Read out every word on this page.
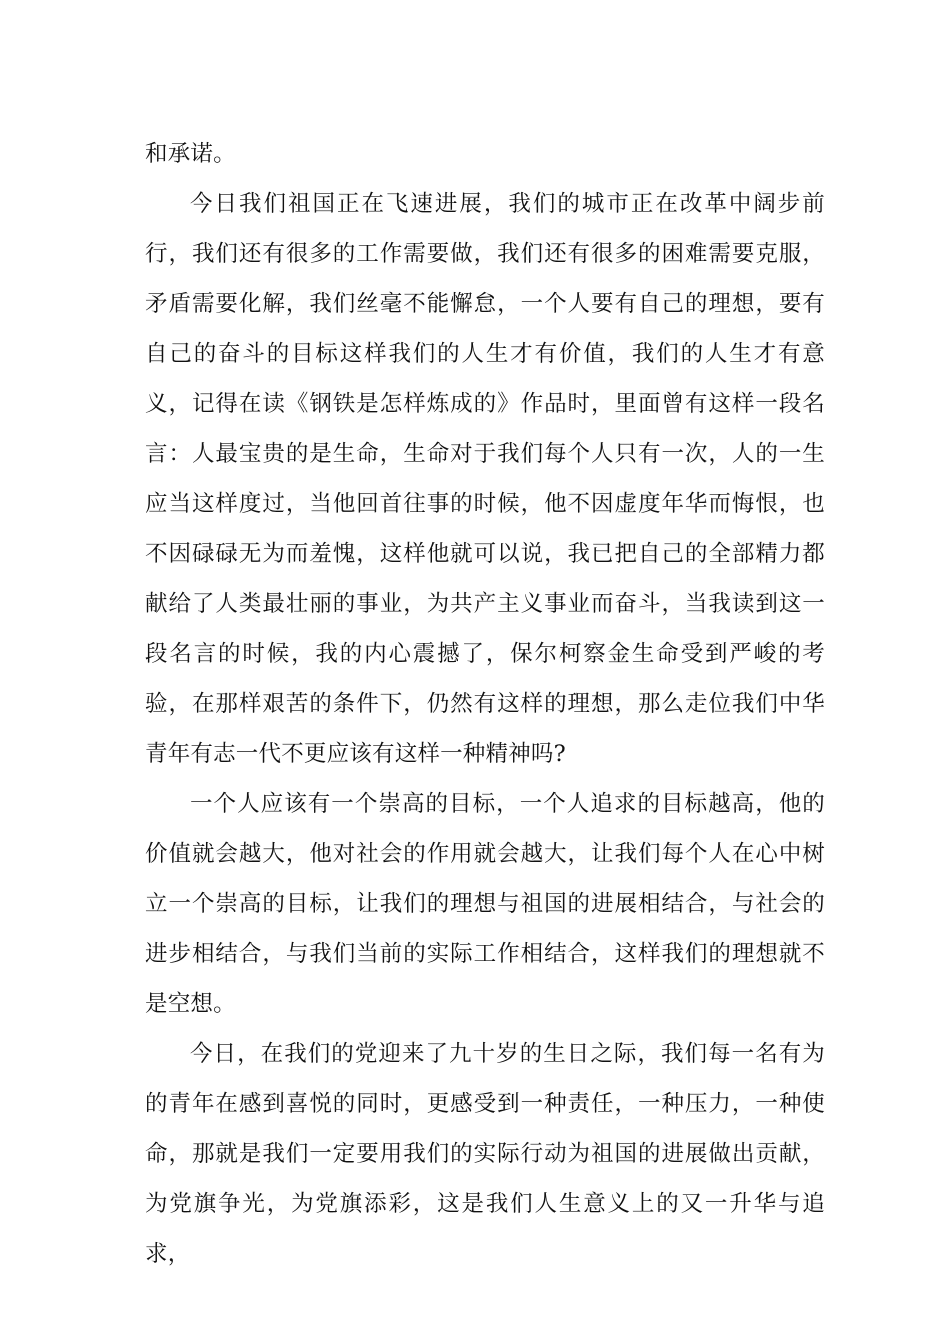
和承诺。

今日我们祖国正在飞速进展，我们的城市正在改革中阔步前行，我们还有很多的工作需要做，我们还有很多的困难需要克服，矛盾需要化解，我们丝毫不能懈怠，一个人要有自己的理想，要有自己的奋斗的目标这样我们的人生才有价值，我们的人生才有意义，记得在读《钢铁是怎样炼成的》作品时，里面曾有这样一段名言：人最宝贵的是生命，生命对于我们每个人只有一次，人的一生应当这样度过，当他回首往事的时候，他不因虚度年华而悔恨，也不因碌碌无为而羞愧，这样他就可以说，我已把自己的全部精力都献给了人类最壮丽的事业，为共产主义事业而奋斗，当我读到这一段名言的时候，我的内心震撼了，保尔柯察金生命受到严峻的考验，在那样艰苦的条件下，仍然有这样的理想，那么走位我们中华青年有志一代不更应该有这样一种精神吗?

一个人应该有一个崇高的目标，一个人追求的目标越高，他的价值就会越大，他对社会的作用就会越大，让我们每个人在心中树立一个崇高的目标，让我们的理想与祖国的进展相结合，与社会的进步相结合，与我们当前的实际工作相结合，这样我们的理想就不是空想。

今日，在我们的党迎来了九十岁的生日之际，我们每一名有为的青年在感到喜悦的同时，更感受到一种责任，一种压力，一种使命，那就是我们一定要用我们的实际行动为祖国的进展做出贡献，为党旗争光，为党旗添彩，这是我们人生意义上的又一升华与追求，
